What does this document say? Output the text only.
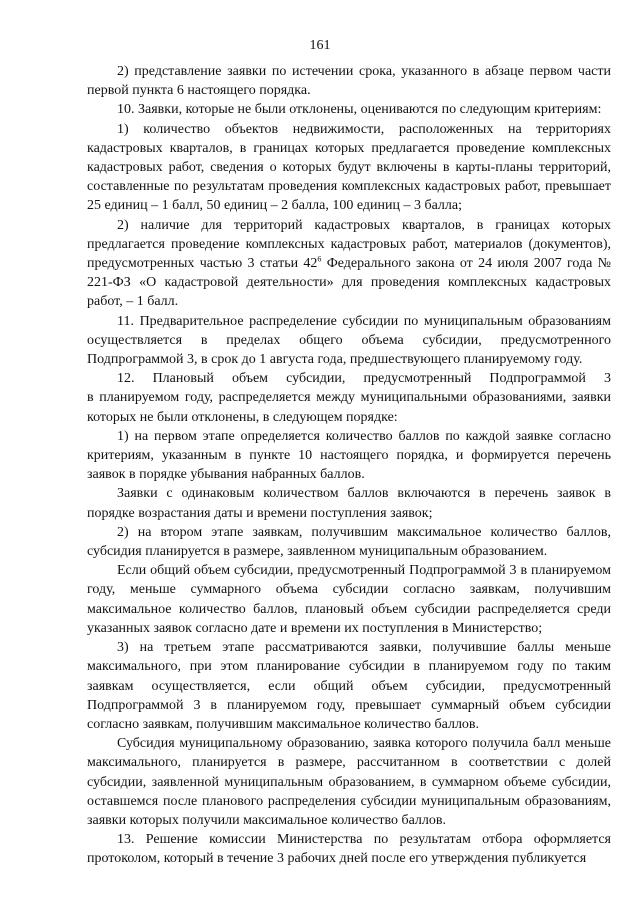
161

2) представление заявки по истечении срока, указанного в абзаце первом части первой пункта 6 настоящего порядка.

10. Заявки, которые не были отклонены, оцениваются по следующим критериям:

1) количество объектов недвижимости, расположенных на территориях кадастровых кварталов, в границах которых предлагается проведение комплексных кадастровых работ, сведения о которых будут включены в карты-планы территорий, составленные по результатам проведения комплексных кадастровых работ, превышает 25 единиц – 1 балл, 50 единиц – 2 балла, 100 единиц – 3 балла;

2) наличие для территорий кадастровых кварталов, в границах которых предлагается проведение комплексных кадастровых работ, материалов (документов), предусмотренных частью 3 статьи $42^6$ Федерального закона от 24 июля 2007 года № 221-ФЗ «О кадастровой деятельности» для проведения комплексных кадастровых работ, – 1 балл.

11. Предварительное распределение субсидии по муниципальным образованиям осуществляется в пределах общего объема субсидии, предусмотренного Подпрограммой 3, в срок до 1 августа года, предшествующего планируемому году.

12. Плановый объем субсидии, предусмотренный Подпрограммой 3 в планируемом году, распределяется между муниципальными образованиями, заявки которых не были отклонены, в следующем порядке:

1) на первом этапе определяется количество баллов по каждой заявке согласно критериям, указанным в пункте 10 настоящего порядка, и формируется перечень заявок в порядке убывания набранных баллов.

Заявки с одинаковым количеством баллов включаются в перечень заявок в порядке возрастания даты и времени поступления заявок;

2) на втором этапе заявкам, получившим максимальное количество баллов, субсидия планируется в размере, заявленном муниципальным образованием.

Если общий объем субсидии, предусмотренный Подпрограммой 3 в планируемом году, меньше суммарного объема субсидии согласно заявкам, получившим максимальное количество баллов, плановый объем субсидии распределяется среди указанных заявок согласно дате и времени их поступления в Министерство;

3) на третьем этапе рассматриваются заявки, получившие баллы меньше максимального, при этом планирование субсидии в планируемом году по таким заявкам осуществляется, если общий объем субсидии, предусмотренный Подпрограммой 3 в планируемом году, превышает суммарный объем субсидии согласно заявкам, получившим максимальное количество баллов.

Субсидия муниципальному образованию, заявка которого получила балл меньше максимального, планируется в размере, рассчитанном в соответствии с долей субсидии, заявленной муниципальным образованием, в суммарном объеме субсидии, оставшемся после планового распределения субсидии муниципальным образованиям, заявки которых получили максимальное количество баллов.

13. Решение комиссии Министерства по результатам отбора оформляется протоколом, который в течение 3 рабочих дней после его утверждения публикуется
